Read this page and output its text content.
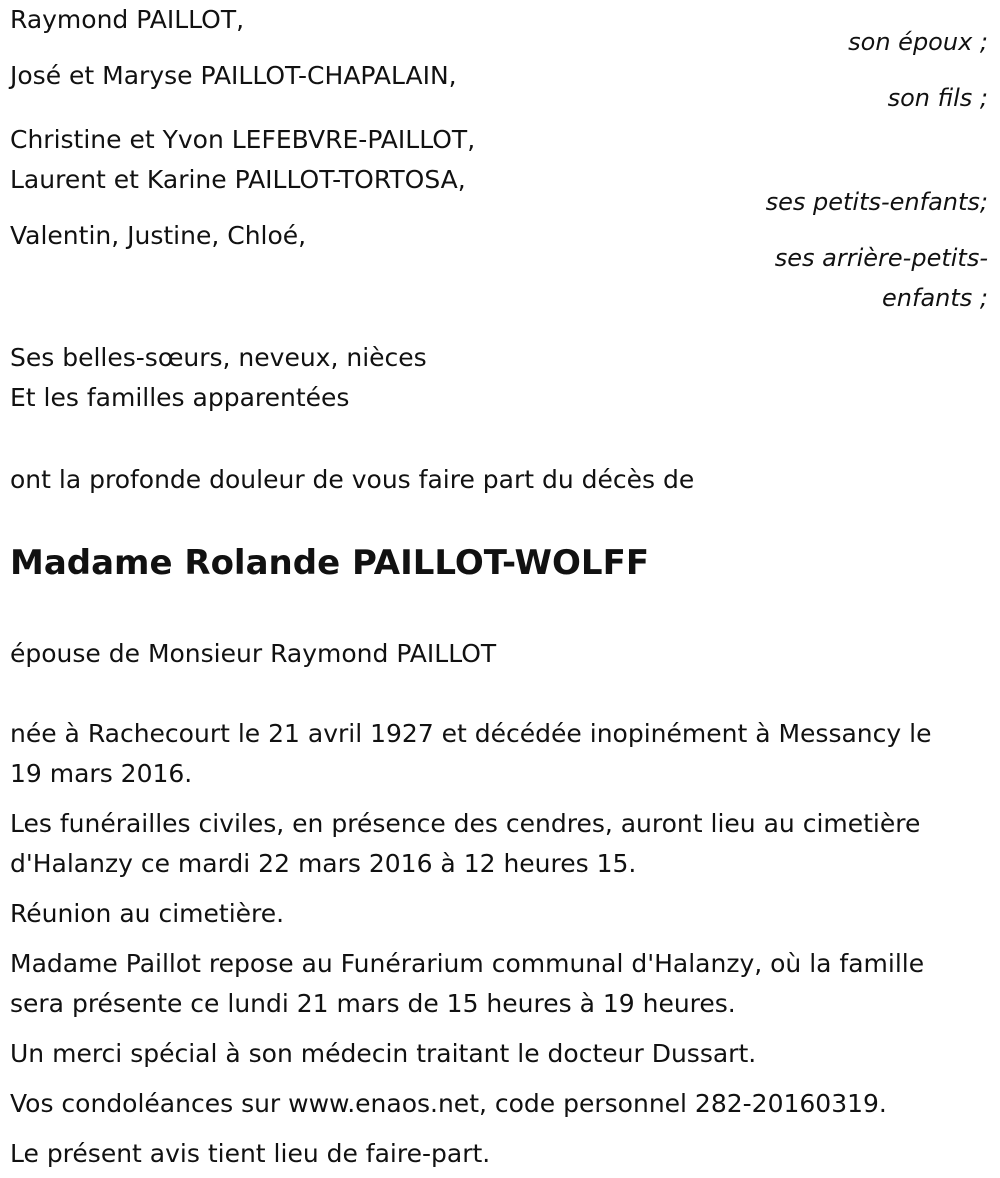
Raymond PAILLOT,

son époux ;

José et Maryse PAILLOT-CHAPALAIN,

son fils ;

Christine et Yvon LEFEBVRE-PAILLOT,

Laurent et Karine PAILLOT-TORTOSA,

ses petits-enfants;

Valentin, Justine, Chloé,

ses arrière-petits-

enfants ;

Ses belles-sœurs, neveux, nièces

Et les familles apparentées

ont la profonde douleur de vous faire part du décès de

Madame Rolande PAILLOT-WOLFF

épouse de Monsieur Raymond PAILLOT

née à Rachecourt le 21 avril 1927 et décédée inopinément à Messancy le
19 mars 2016.
Les funérailles civiles, en présence des cendres, auront lieu au cimetière
d'Halanzy ce mardi 22 mars 2016 à 12 heures 15.
Réunion au cimetière.
Madame Paillot repose au Funérarium communal d'Halanzy, où la famille
sera présente ce lundi 21 mars de 15 heures à 19 heures.
Un merci spécial à son médecin traitant le docteur Dussart.
Vos condoléances sur www.enaos.net, code personnel 282-20160319.
Le présent avis tient lieu de faire-part.
